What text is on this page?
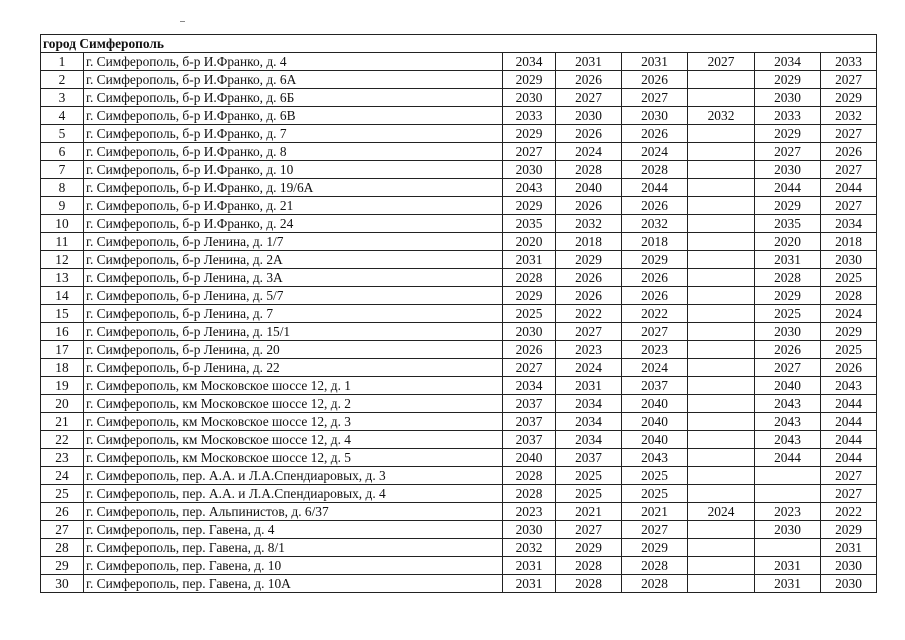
город Симферополь							
1	г. Симферополь, б-р И.Франко, д. 4	2034	2031	2031	2027	2034	2033
2	г. Симферополь, б-р И.Франко, д. 6А	2029	2026	2026		2029	2027
3	г. Симферополь, б-р И.Франко, д. 6Б	2030	2027	2027		2030	2029
4	г. Симферополь, б-р И.Франко, д. 6В	2033	2030	2030	2032	2033	2032
5	г. Симферополь, б-р И.Франко, д. 7	2029	2026	2026		2029	2027
6	г. Симферополь, б-р И.Франко, д. 8	2027	2024	2024		2027	2026
7	г. Симферополь, б-р И.Франко, д. 10	2030	2028	2028		2030	2027
8	г. Симферополь, б-р И.Франко, д. 19/6А	2043	2040	2044		2044	2044
9	г. Симферополь, б-р И.Франко, д. 21	2029	2026	2026		2029	2027
10	г. Симферополь, б-р И.Франко, д. 24	2035	2032	2032		2035	2034
11	г. Симферополь, б-р Ленина, д. 1/7	2020	2018	2018		2020	2018
12	г. Симферополь, б-р Ленина, д. 2А	2031	2029	2029		2031	2030
13	г. Симферополь, б-р Ленина, д. 3А	2028	2026	2026		2028	2025
14	г. Симферополь, б-р Ленина, д. 5/7	2029	2026	2026		2029	2028
15	г. Симферополь, б-р Ленина, д. 7	2025	2022	2022		2025	2024
16	г. Симферополь, б-р Ленина, д. 15/1	2030	2027	2027		2030	2029
17	г. Симферополь, б-р Ленина, д. 20	2026	2023	2023		2026	2025
18	г. Симферополь, б-р Ленина, д. 22	2027	2024	2024		2027	2026
19	г. Симферополь, км Московское шоссе 12, д. 1	2034	2031	2037		2040	2043
20	г. Симферополь, км Московское шоссе 12, д. 2	2037	2034	2040		2043	2044
21	г. Симферополь, км Московское шоссе 12, д. 3	2037	2034	2040		2043	2044
22	г. Симферополь, км Московское шоссе 12, д. 4	2037	2034	2040		2043	2044
23	г. Симферополь, км Московское шоссе 12, д. 5	2040	2037	2043		2044	2044
24	г. Симферополь, пер. А.А. и Л.А.Спендиаровых, д. 3	2028	2025	2025			2027
25	г. Симферополь, пер. А.А. и Л.А.Спендиаровых, д. 4	2028	2025	2025			2027
26	г. Симферополь, пер. Альпинистов, д. 6/37	2023	2021	2021	2024	2023	2022
27	г. Симферополь, пер. Гавена, д. 4	2030	2027	2027		2030	2029
28	г. Симферополь, пер. Гавена, д. 8/1	2032	2029	2029			2031
29	г. Симферополь, пер. Гавена, д. 10	2031	2028	2028		2031	2030
30	г. Симферополь, пер. Гавена, д. 10А	2031	2028	2028		2031	2030
